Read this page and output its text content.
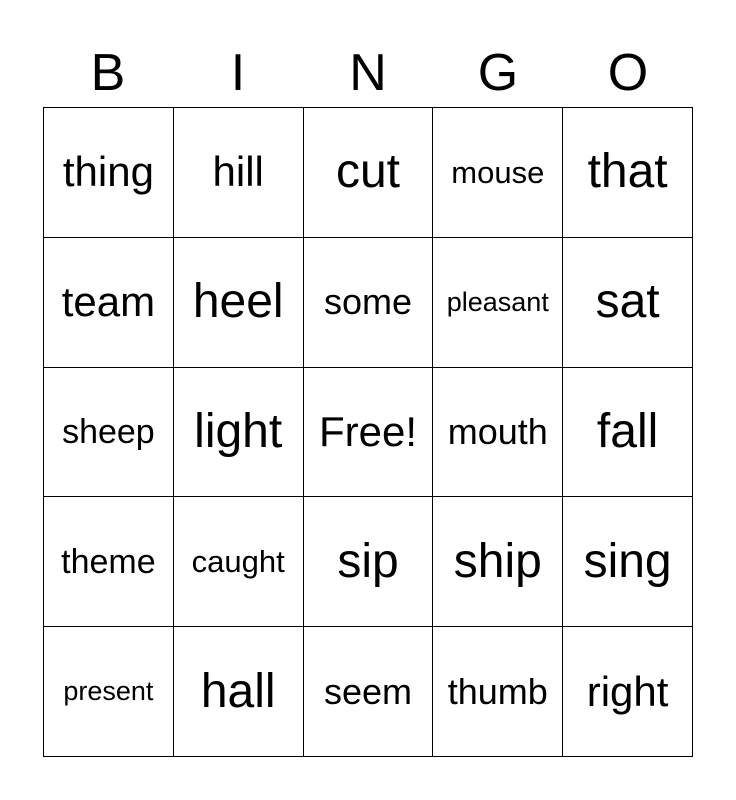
B	I	N	G	O
thing	hill	cut	mouse that
team heel	some	pleasant sat
sheep light Free! mouth	fall
theme	caught	sip	ship sing
present hall	seem thumb right
